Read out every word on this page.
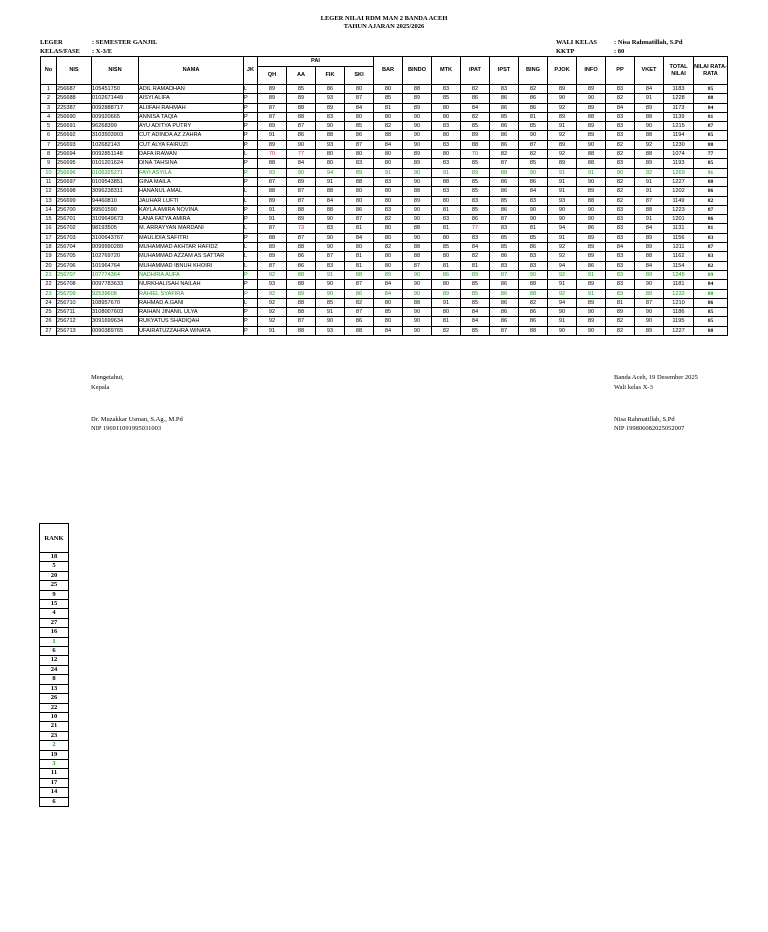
LEGER NILAI RDM MAN 2 BANDA ACEH
TAHUN AJARAN 2025/2026
LEGER	: SEMESTER GANJIL
KELAS/FASE : X-3/E
WALI KELAS	: Nisa Rahmatillah, S.Pd
KKTP	: 80
No	NIS	NISN	NAMA	JK	PAI				BAR	BINDO	MTK	IPAT	IPST	BING	PJOK	INFO	PP	VKET	TOTAL NILAI	NILAI RATA-RATA
					QH	AA	FIK	SKI												
1	256687	105451750	ADIL RAMADHAN	L	89	85	86	80	80	88	83	82	83	82	89	89	83	84	1183	85
2	256688	0102671449	AISYI ALIFA	P	89	89	93	87	85	89	85	86	86	86	90	90	82	91	1228	88
3	225387	0092888717	ALIIFAH RAHMAH	P	87	88	89	84	81	89	80	84	86	86	92	89	84	89	1173	84
4	256690	009920665	ANNISA TAQIA	P	87	88	83	80	80	90	80	82	85	81	89	88	83	88	1139	81
5	256691	96268399	AYU ADITYA PUTRY	P	89	87	90	85	82	90	83	85	86	85	91	89	83	90	1215	87
6	256692	3103503903	CUT ADINDA AZ ZAHRA	P	91	86	88	86	88	90	80	89	86	90	92	89	83	88	1194	85
7	256693	102682143	CUT ALYA FAIRUZI	P	89	90	93	87	84	90	83	88	86	87	89	90	82	92	1230	88
8	256694	0092851148	DAFA IRAWAN	L	70	77	80	80	80	89	80	70	82	82	92	88	82	88	1074	77
9	256695	0101201624	DINA TAHSINA	P	88	84	80	83	80	89	83	85	87	85	89	88	83	89	1193	85
10	256696	0106325271	FAYI ASYILA	P	93	90	94	89	91	90	91	89	88	90	91	91	90	92	1269	91
11	256697	0109543851	GINA MAILA	P	87	89	91	88	83	90	88	85	86	86	91	90	82	91	1227	88
12	256698	3096238311	HANANUL AMAL	L	88	87	88	80	80	88	83	85	86	84	91	89	82	91	1202	86
13	256699	94460810	JAUHAR LUFTI	L	89	87	84	80	80	89	80	83	85	83	93	88	82	87	1149	82
14	256700	99501590	KAYLA AMIRA NOVINA	P	91	88	88	86	83	90	81	85	86	90	90	90	83	88	1223	87
15	256701	3109649673	LANA FATYA AMIRA	P	91	89	90	87	82	90	83	86	87	90	90	90	83	91	1201	86
16	256702	98193505	M. ARRAYYAN MARDANI	L	87	73	83	81	80	88	81	77	83	81	94	86	83	84	1131	81
17	256703	3100643767	MAULIDIA SAFITRI	P	88	87	90	84	80	90	80	83	85	85	91	89	83	89	1156	83
18	256704	0099990289	MUHAMMAD AKHTAR HAFIDZ	L	89	88	90	80	82	88	85	84	85	86	92	89	84	89	1211	87
19	256705	102769720	MUHAMMAD AZZAM AS SATTAR	L	89	86	87	81	80	88	80	82	86	83	92	89	83	88	1162	83
20	256706	101964764	MUHAMMAD IBNUH KHOIRI	L	87	86	83	81	80	87	81	81	83	83	94	86	83	84	1154	82
21	256707	107774364	NADHIRA AUFA	P	92	88	91	88	89	90	86	89	87	90	92	91	83	89	1245	89
22	256708	0097783633	NURKHALISAH NAILAH	P	93	88	90	87	84	90	80	85	86	88	91	89	83	90	1181	84
23	256709	92539608	RAHIEL SYAFIRA	P	92	89	90	86	84	90	89	85	86	88	92	91	83	89	1232	88
24	256710	108957670	RAHMAD A.GANI	L	92	88	85	82	80	88	91	85	86	82	94	89	81	87	1210	86
25	256711	3108007603	RAIHAN JINANIL ULYA	P	92	88	91	87	85	90	80	84	86	86	90	90	89	90	1186	85
26	256712	3091699634	RUKYATUS SHADIQAH	P	92	87	90	86	80	90	81	84	86	86	91	89	82	90	1195	85
27	256713	0090389765	UFAIRATUZZAHRA WINATA	P	91	88	93	88	84	90	82	85	87	88	90	90	82	89	1227	88
Mengetahui,
Kepala
Dr. Muzakkar Usman, S.Ag., M.Pd
NIP 196911091995031003
Banda Aceh, 19 Desember 2025
Wali kelas X-3
Nisa Rahmatillah, S.Pd
NIP 199806082025052007
RANK
18
5
20
25
9
15
4
27
16
1
6
12
24
8
13
26
22
10
21
23
2
19
3
11
17
14
6
